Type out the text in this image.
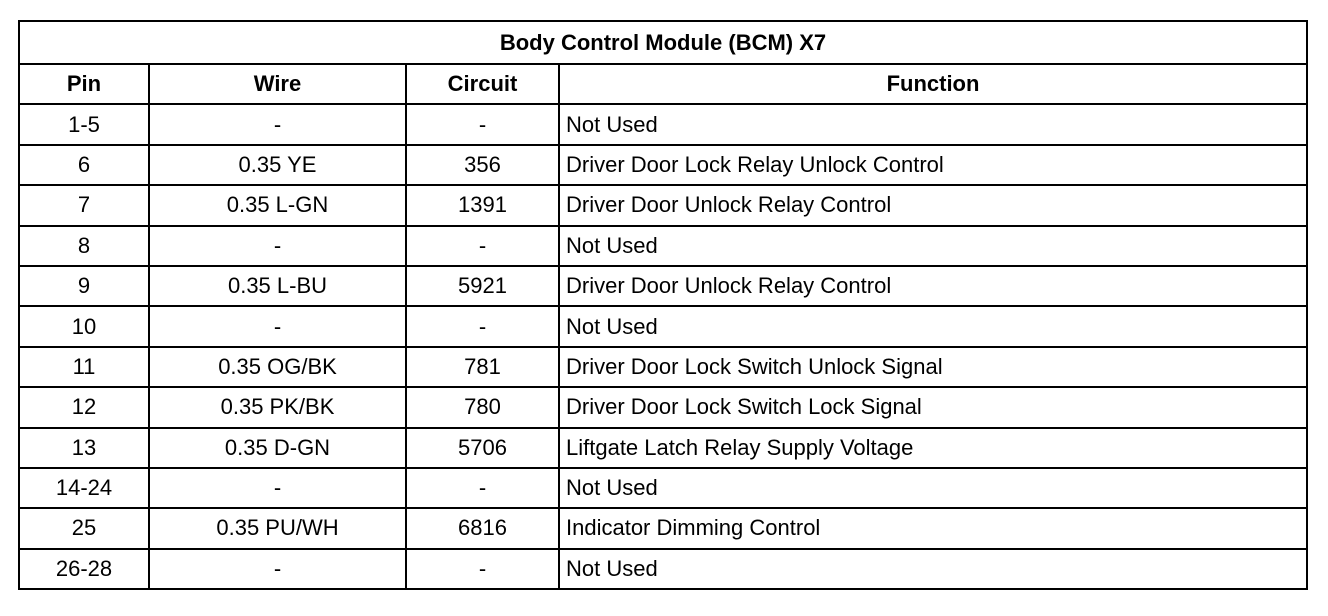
Body Control Module (BCM) X7			
Pin	Wire	Circuit	Function
1-5	-	-	Not Used
6	0.35 YE	356	Driver Door Lock Relay Unlock Control
7	0.35 L-GN	1391	Driver Door Unlock Relay Control
8	-	-	Not Used
9	0.35 L-BU	5921	Driver Door Unlock Relay Control
10	-	-	Not Used
11	0.35 OG/BK	781	Driver Door Lock Switch Unlock Signal
12	0.35 PK/BK	780	Driver Door Lock Switch Lock Signal
13	0.35 D-GN	5706	Liftgate Latch Relay Supply Voltage
14-24	-	-	Not Used
25	0.35 PU/WH	6816	Indicator Dimming Control
26-28	-	-	Not Used
